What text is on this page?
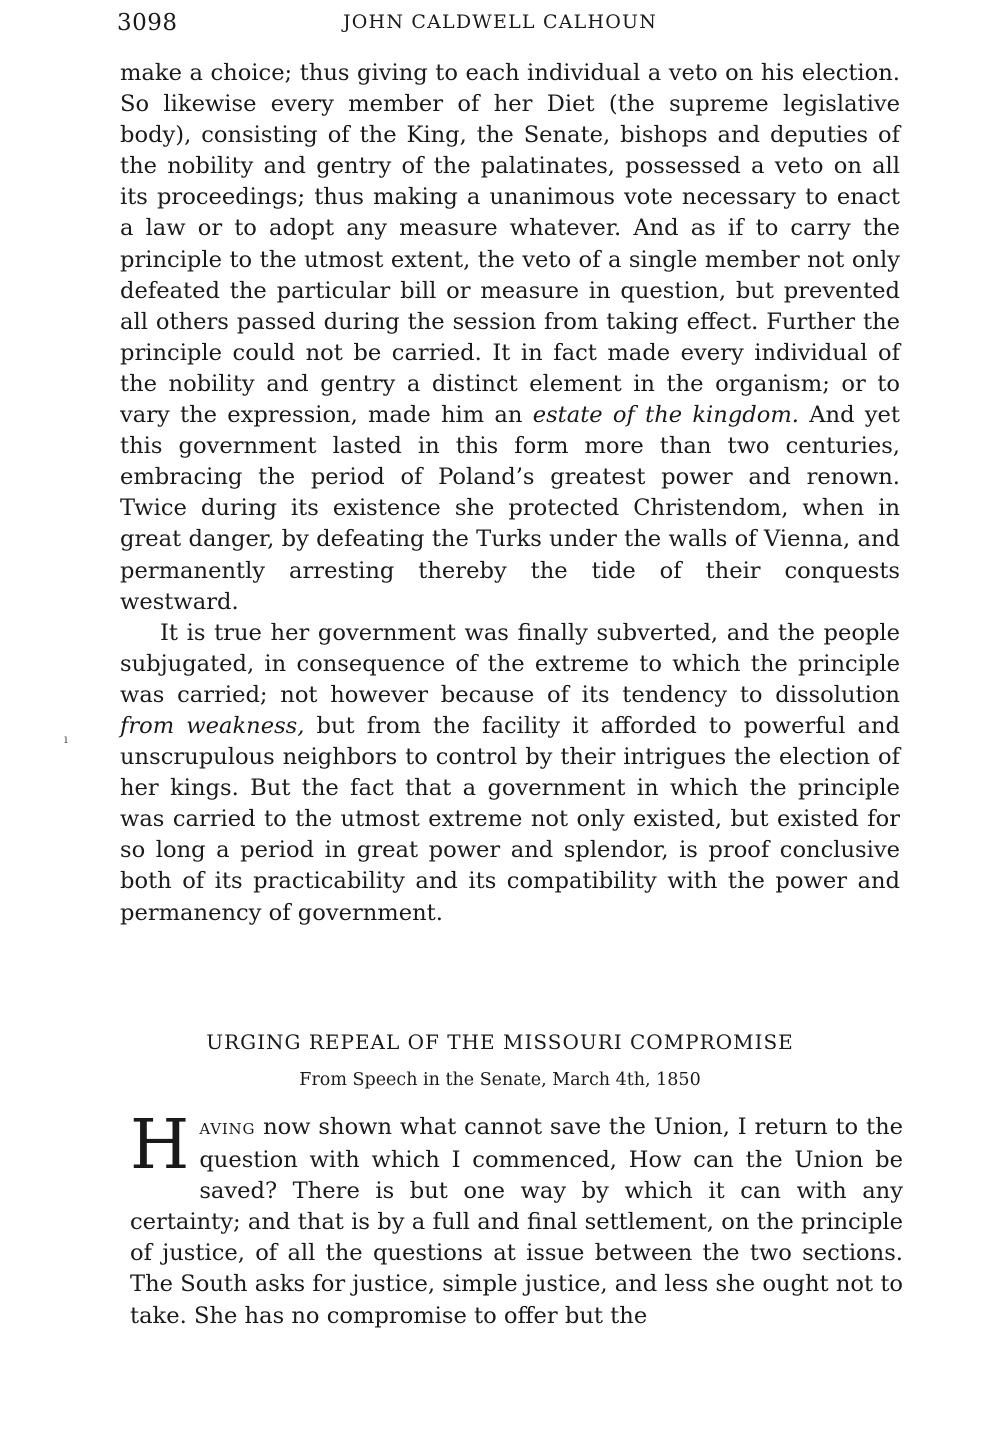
3098	JOHN CALDWELL CALHOUN

make a choice; thus giving to each individual a veto on his election. So likewise every member of her Diet (the supreme legislative body), consisting of the King, the Senate, bishops and deputies of the nobility and gentry of the palatinates, possessed a veto on all its proceedings; thus making a unanimous vote necessary to enact a law or to adopt any measure whatever. And as if to carry the principle to the utmost extent, the veto of a single member not only defeated the particular bill or measure in question, but prevented all others passed during the session from taking effect. Further the principle could not be carried. It in fact made every individual of the nobility and gentry a distinct element in the organism; or to vary the expression, made him an estate of the kingdom. And yet this government lasted in this form more than two centuries, embracing the period of Poland’s greatest power and renown. Twice during its existence she protected Christendom, when in great danger, by defeating the Turks under the walls of Vienna, and permanently arresting thereby the tide of their conquests westward.

It is true her government was finally subverted, and the people subjugated, in consequence of the extreme to which the principle was carried; not however because of its tendency to dissolution from weakness, but from the facility it afforded to powerful and unscrupulous neighbors to control by their intrigues the election of her kings. But the fact that a government in which the principle was carried to the utmost extreme not only existed, but existed for so long a period in great power and splendor, is proof conclusive both of its practicability and its compatibility with the power and permanency of government.

ı
URGING REPEAL OF THE MISSOURI COMPROMISE
From Speech in the Senate, March 4th, 1850

HAVING now shown what cannot save the Union, I return to the question with which I commenced, How can the Union be saved? There is but one way by which it can with any certainty; and that is by a full and final settlement, on the principle of justice, of all the questions at issue between the two sections. The South asks for justice, simple justice, and less she ought not to take. She has no compromise to offer but the
